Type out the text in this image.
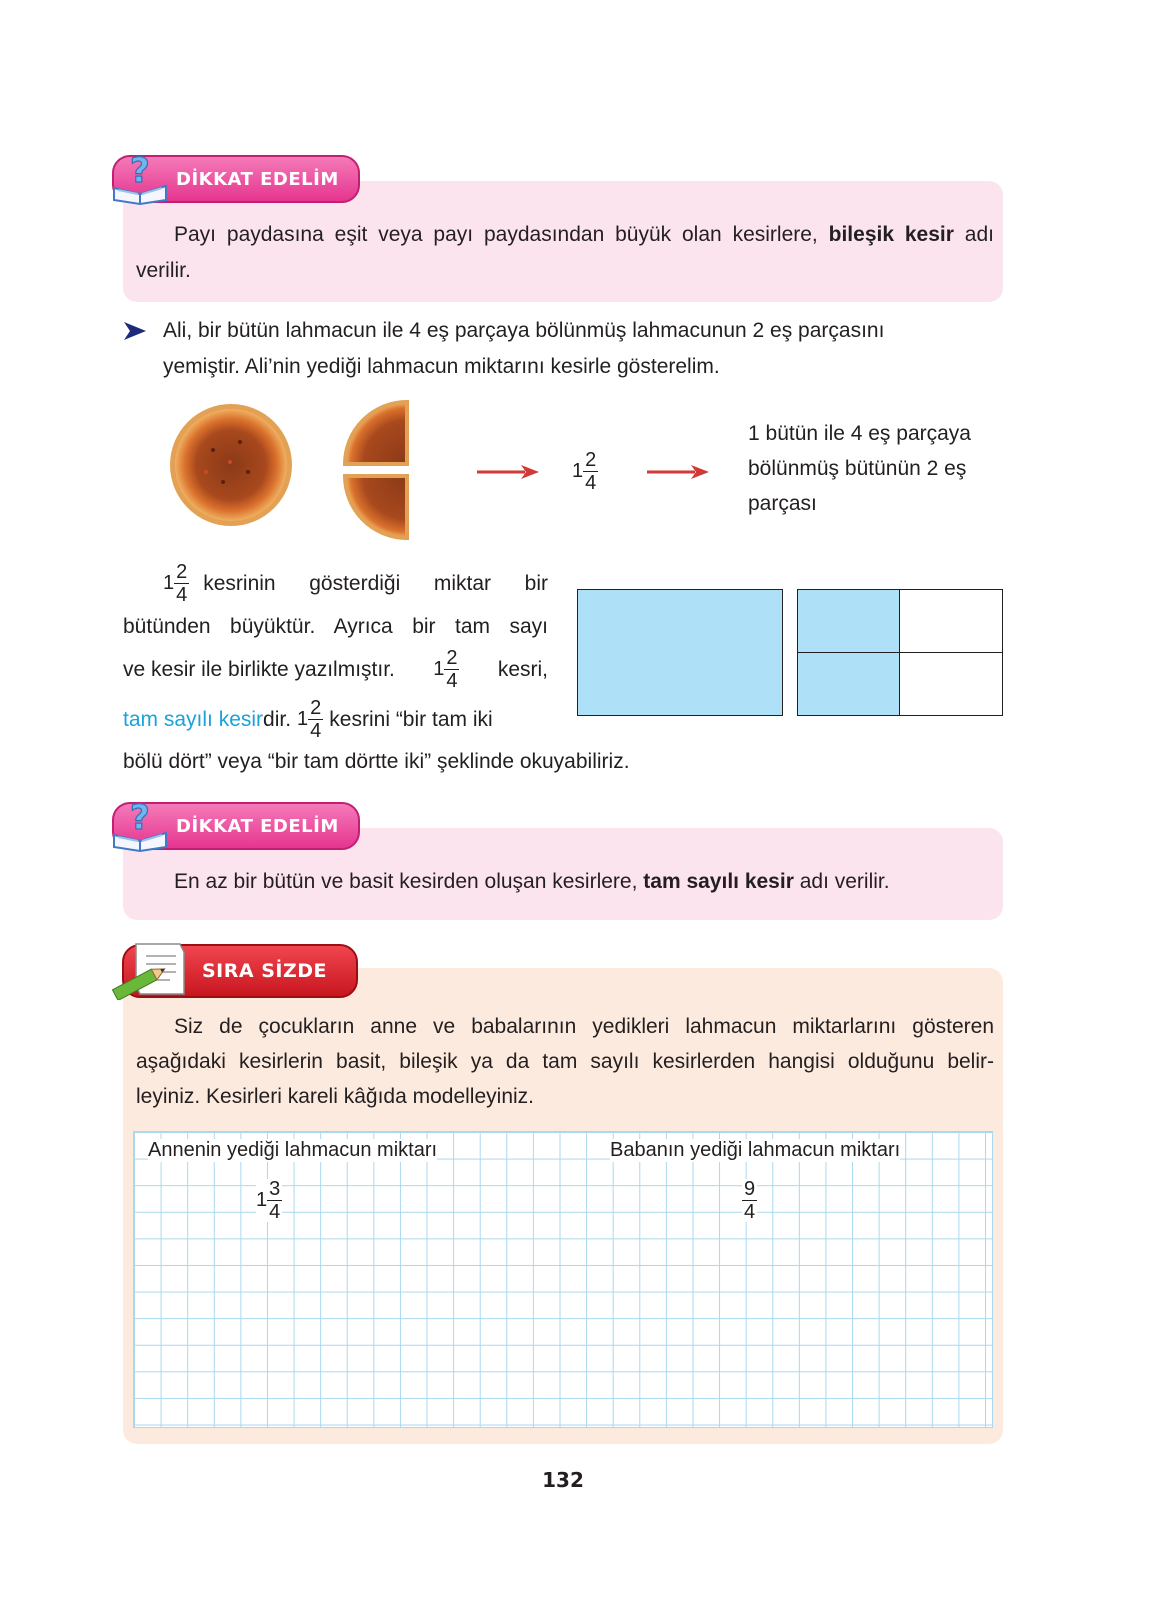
DİKKAT EDELİM
?
Payı paydasına eşit veya payı paydasından büyük olan kesirlere, bileşik kesir adı verilir.
Ali, bir bütün lahmacun ile 4 eş parçaya bölünmüş lahmacunun 2 eş parçasını
yemiştir. Ali’nin yediği lahmacun miktarını kesirle gösterelim.
$1 \frac{2}{4}$
1 bütün ile 4 eş parçaya
bölünmüş bütünün 2 eş
parçası
$1 \frac{2}{4}$ kesrinin gösterdiği miktar bir
bütünden büyüktür. Ayrıca bir tam sayı
ve kesir ile birlikte yazılmıştır. $1 \frac{2}{4}$ kesri,
tam sayılı kesir dir. $1 \frac{2}{4}$ kesrini “bir tam iki
bölü dört” veya “bir tam dörtte iki” şeklinde okuyabiliriz.
DİKKAT EDELİM
?
En az bir bütün ve basit kesirden oluşan kesirlere, tam sayılı kesir adı verilir.
SIRA SİZDE
Siz de çocukların anne ve babalarının yedikleri lahmacun miktarlarını gösteren
aşağıdaki kesirlerin basit, bileşik ya da tam sayılı kesirlerden hangisi olduğunu belir-
leyiniz. Kesirleri kareli kâğıda modelleyiniz.
Annenin yediği lahmacun miktarı
$1 \frac{3}{4}$
Babanın yediği lahmacun miktarı
$\frac{9}{4}$
132
